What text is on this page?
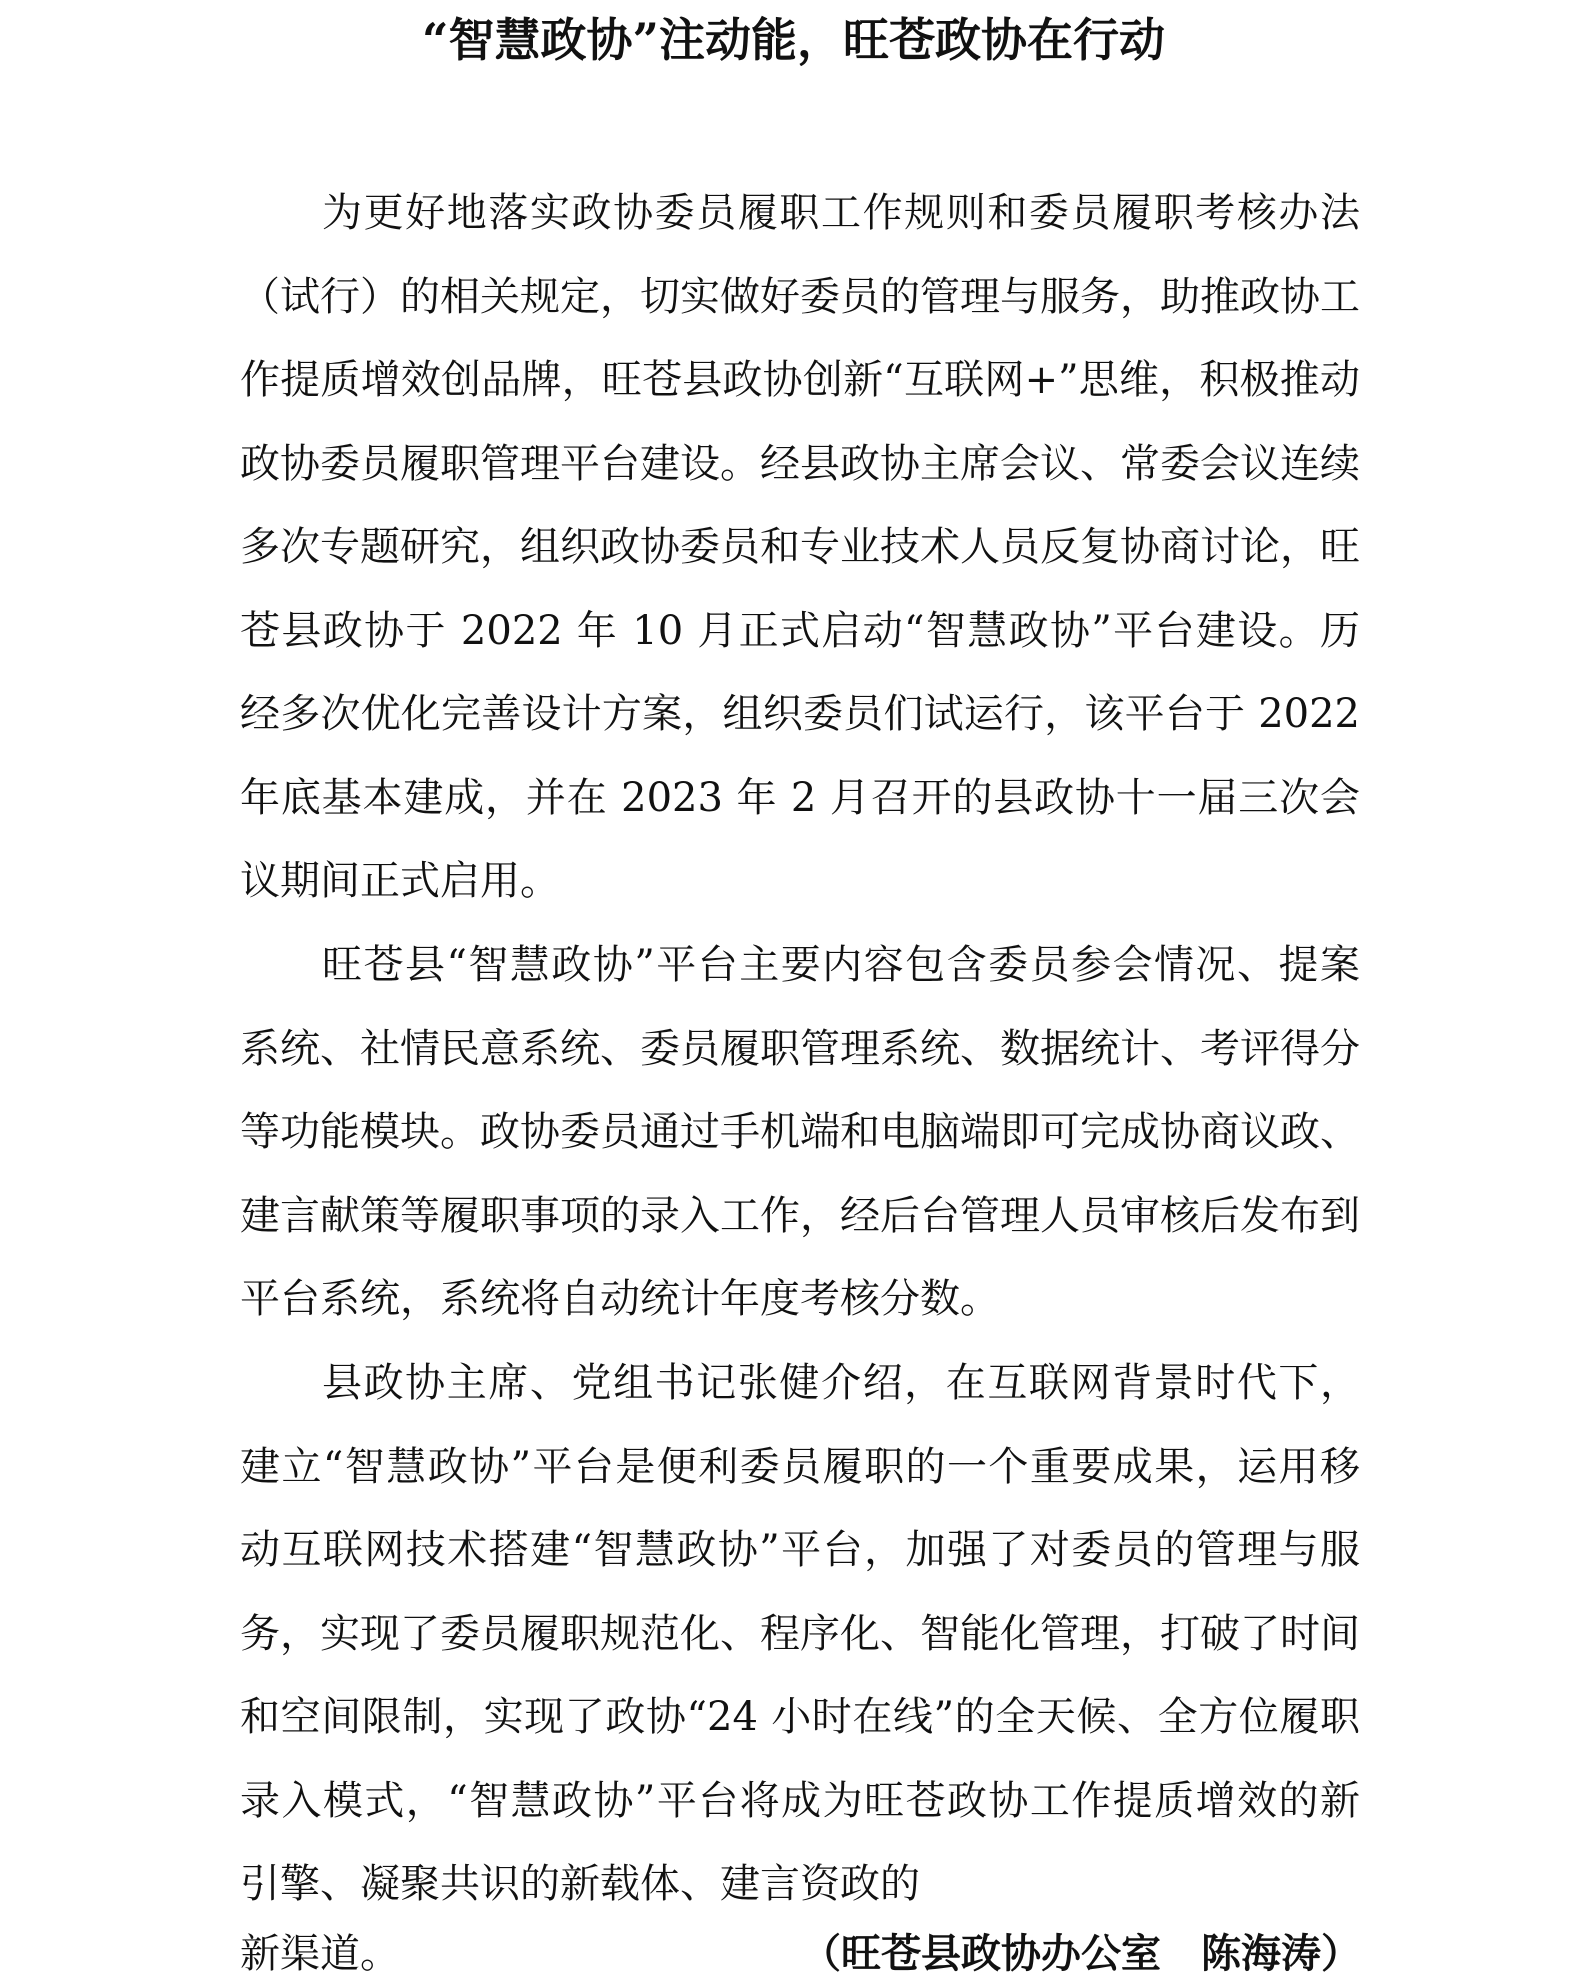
“智慧政协”注动能，旺苍政协在行动

为更好地落实政协委员履职工作规则和委员履职考核办法（试行）的相关规定，切实做好委员的管理与服务，助推政协工作提质增效创品牌，旺苍县政协创新“互联网+”思维，积极推动政协委员履职管理平台建设。经县政协主席会议、常委会议连续多次专题研究，组织政协委员和专业技术人员反复协商讨论，旺苍县政协于 2022 年 10 月正式启动“智慧政协”平台建设。历经多次优化完善设计方案，组织委员们试运行，该平台于 2022 年底基本建成，并在 2023 年 2 月召开的县政协十一届三次会议期间正式启用。

旺苍县“智慧政协”平台主要内容包含委员参会情况、提案系统、社情民意系统、委员履职管理系统、数据统计、考评得分等功能模块。政协委员通过手机端和电脑端即可完成协商议政、建言献策等履职事项的录入工作，经后台管理人员审核后发布到平台系统，系统将自动统计年度考核分数。

县政协主席、党组书记张健介绍，在互联网背景时代下，建立“智慧政协”平台是便利委员履职的一个重要成果，运用移动互联网技术搭建“智慧政协”平台，加强了对委员的管理与服务，实现了委员履职规范化、程序化、智能化管理，打破了时间和空间限制，实现了政协“24 小时在线”的全天候、全方位履职录入模式，“智慧政协”平台将成为旺苍政协工作提质增效的新引擎、凝聚共识的新载体、建言资政的

新渠道。	（旺苍县政协办公室　陈海涛）
